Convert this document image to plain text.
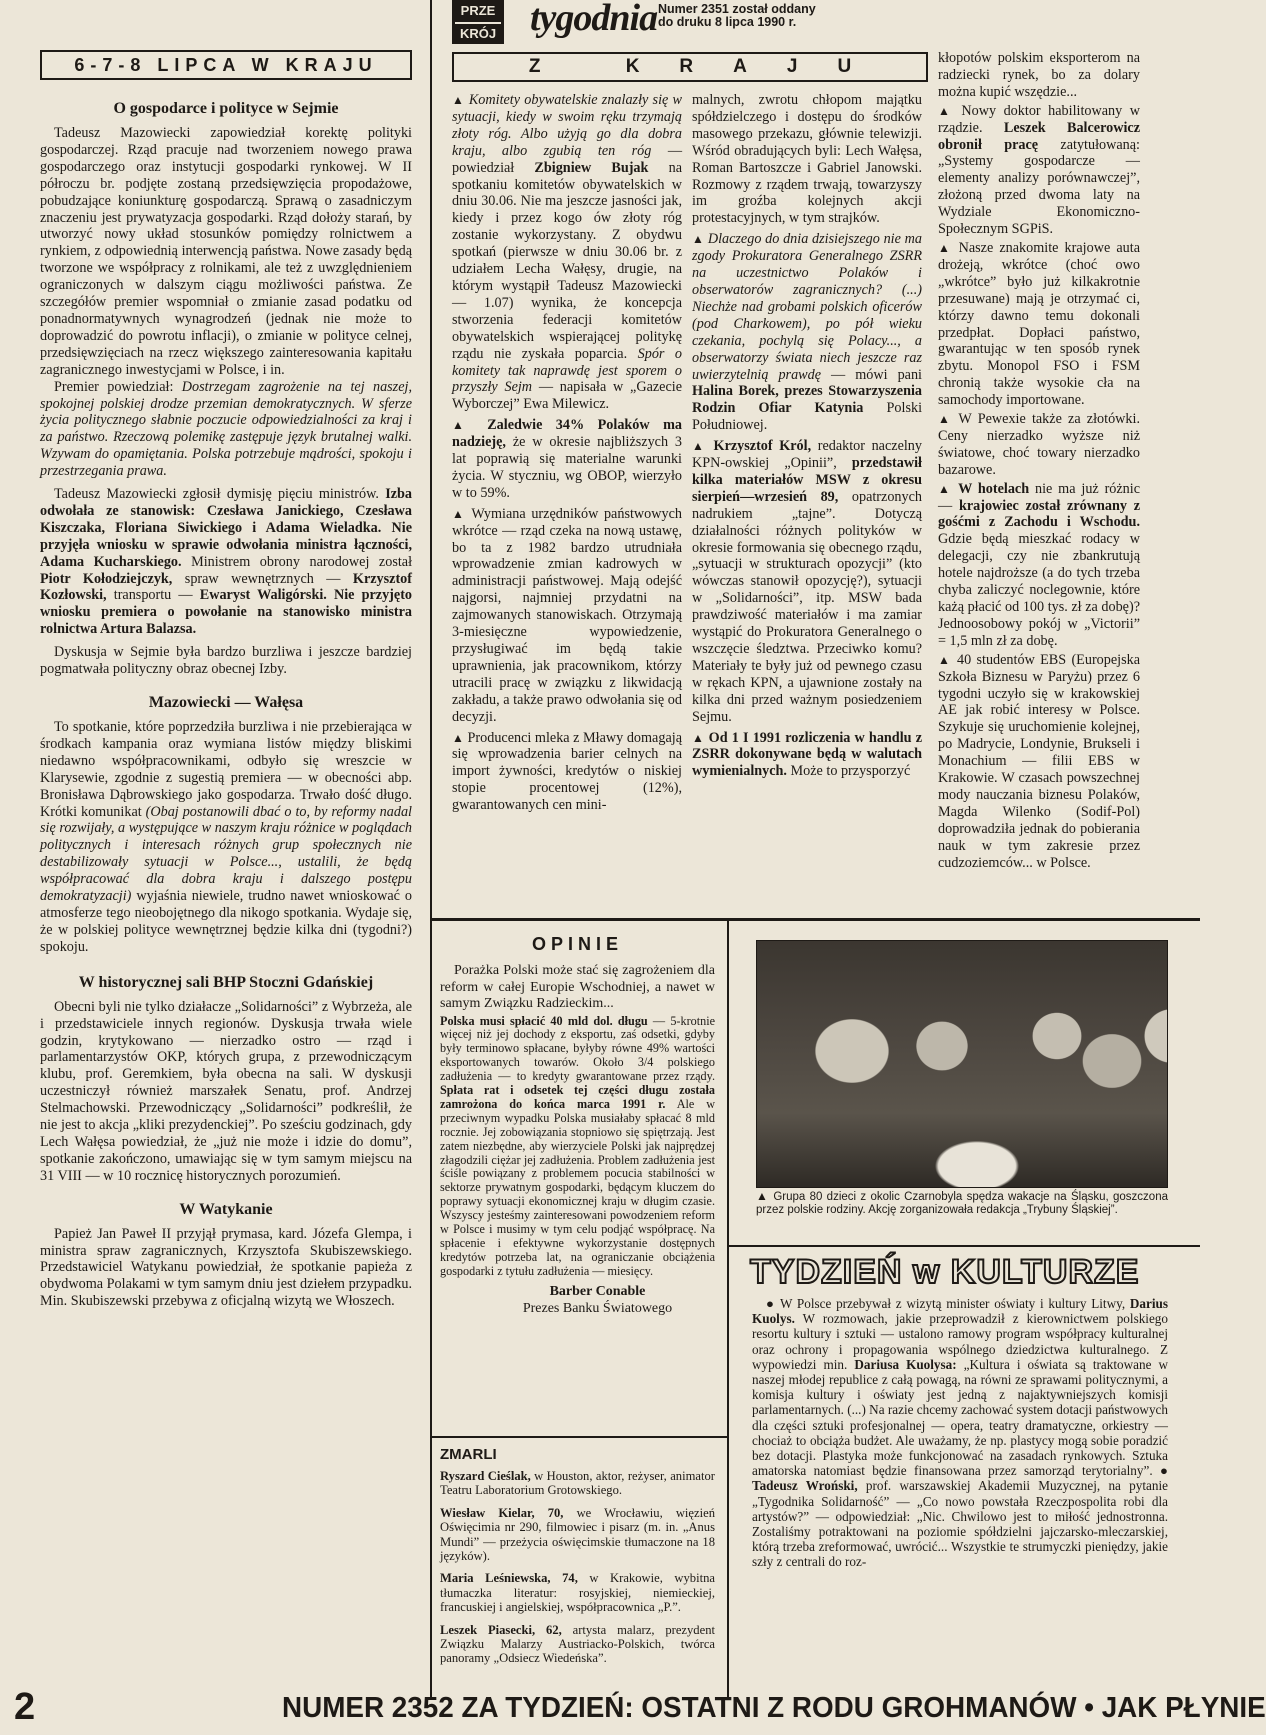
PRZE
KRÓJ tygodnia Numer 2351 został oddany
do druku 8 lipca 1990 r.
6-7-8 LIPCA W KRAJU
O gospodarce i polityce w Sejmie

Tadeusz Mazowiecki zapowiedział korektę polityki gospodarczej. Rząd pracuje nad tworzeniem nowego prawa gospodarczego oraz instytucji gospodarki rynkowej. W II półroczu br. podjęte zostaną przedsięwzięcia propodażowe, pobudzające koniunkturę gospodarczą. Sprawą o zasadniczym znaczeniu jest prywatyzacja gospodarki. Rząd dołoży starań, by utworzyć nowy układ stosunków pomiędzy rolnictwem a rynkiem, z odpowiednią interwencją państwa. Nowe zasady będą tworzone we współpracy z rolnikami, ale też z uwzględnieniem ograniczonych w dalszym ciągu możliwości państwa. Ze szczegółów premier wspomniał o zmianie zasad podatku od ponadnormatywnych wynagrodzeń (jednak nie może to doprowadzić do powrotu inflacji), o zmianie w polityce celnej, przedsięwzięciach na rzecz większego zainteresowania kapitału zagranicznego inwestycjami w Polsce, i in.

Premier powiedział: Dostrzegam zagrożenie na tej naszej, spokojnej polskiej drodze przemian demokratycznych. W sferze życia politycznego słabnie poczucie odpowiedzialności za kraj i za państwo. Rzeczową polemikę zastępuje język brutalnej walki. Wzywam do opamiętania. Polska potrzebuje mądrości, spokoju i przestrzegania prawa.

Tadeusz Mazowiecki zgłosił dymisję pięciu ministrów. Izba odwołała ze stanowisk: Czesława Janickiego, Czesława Kiszczaka, Floriana Siwickiego i Adama Wieladka. Nie przyjęła wniosku w sprawie odwołania ministra łączności, Adama Kucharskiego. Ministrem obrony narodowej został Piotr Kołodziejczyk, spraw wewnętrznych — Krzysztof Kozłowski, transportu — Ewaryst Waligórski. Nie przyjęto wniosku premiera o powołanie na stanowisko ministra rolnictwa Artura Balazsa.

Dyskusja w Sejmie była bardzo burzliwa i jeszcze bardziej pogmatwała polityczny obraz obecnej Izby.

Mazowiecki — Wałęsa

To spotkanie, które poprzedziła burzliwa i nie przebierająca w środkach kampania oraz wymiana listów między bliskimi niedawno współpracownikami, odbyło się wreszcie w Klarysewie, zgodnie z sugestią premiera — w obecności abp. Bronisława Dąbrowskiego jako gospodarza. Trwało dość długo. Krótki komunikat (Obaj postanowili dbać o to, by reformy nadal się rozwijały, a występujące w naszym kraju różnice w poglądach politycznych i interesach różnych grup społecznych nie destabilizowały sytuacji w Polsce..., ustalili, że będą współpracować dla dobra kraju i dalszego postępu demokratyzacji) wyjaśnia niewiele, trudno nawet wnioskować o atmosferze tego nieobojętnego dla nikogo spotkania. Wydaje się, że w polskiej polityce wewnętrznej będzie kilka dni (tygodni?) spokoju.

W historycznej sali BHP Stoczni Gdańskiej

Obecni byli nie tylko działacze „Solidarności” z Wybrzeża, ale i przedstawiciele innych regionów. Dyskusja trwała wiele godzin, krytykowano — nierzadko ostro — rząd i parlamentarzystów OKP, których grupa, z przewodniczącym klubu, prof. Geremkiem, była obecna na sali. W dyskusji uczestniczył również marszałek Senatu, prof. Andrzej Stelmachowski. Przewodniczący „Solidarności” podkreślił, że nie jest to akcja „kliki prezydenckiej”. Po sześciu godzinach, gdy Lech Wałęsa powiedział, że „już nie może i idzie do domu”, spotkanie zakończono, umawiając się w tym samym miejscu na 31 VIII — w 10 rocznicę historycznych porozumień.

W Watykanie

Papież Jan Paweł II przyjął prymasa, kard. Józefa Glempa, i ministra spraw zagranicznych, Krzysztofa Skubiszewskiego. Przedstawiciel Watykanu powiedział, że spotkanie papieża z obydwoma Polakami w tym samym dniu jest dziełem przypadku. Min. Skubiszewski przebywa z oficjalną wizytą we Włoszech.

Z KRAJU

▲ Komitety obywatelskie znalazły się w sytuacji, kiedy w swoim ręku trzymają złoty róg. Albo użyją go dla dobra kraju, albo zgubią ten róg — powiedział Zbigniew Bujak na spotkaniu komitetów obywatelskich w dniu 30.06. Nie ma jeszcze jasności jak, kiedy i przez kogo ów złoty róg zostanie wykorzystany. Z obydwu spotkań (pierwsze w dniu 30.06 br. z udziałem Lecha Wałęsy, drugie, na którym wystąpił Tadeusz Mazowiecki — 1.07) wynika, że koncepcja stworzenia federacji komitetów obywatelskich wspierającej politykę rządu nie zyskała poparcia. Spór o komitety tak naprawdę jest sporem o przyszły Sejm — napisała w „Gazecie Wyborczej” Ewa Milewicz.

▲ Zaledwie 34% Polaków ma nadzieję, że w okresie najbliższych 3 lat poprawią się materialne warunki życia. W styczniu, wg OBOP, wierzyło w to 59%.

▲ Wymiana urzędników państwowych wkrótce — rząd czeka na nową ustawę, bo ta z 1982 bardzo utrudniała wprowadzenie zmian kadrowych w administracji państwowej. Mają odejść najgorsi, najmniej przydatni na zajmowanych stanowiskach. Otrzymają 3-miesięczne wypowiedzenie, przysługiwać im będą takie uprawnienia, jak pracownikom, którzy utracili pracę w związku z likwidacją zakładu, a także prawo odwołania się od decyzji.

▲ Producenci mleka z Mławy domagają się wprowadzenia barier celnych na import żywności, kredytów o niskiej stopie procentowej (12%), gwarantowanych cen mini-

malnych, zwrotu chłopom majątku spółdzielczego i dostępu do środków masowego przekazu, głównie telewizji. Wśród obradujących byli: Lech Wałęsa, Roman Bartoszcze i Gabriel Janowski. Rozmowy z rządem trwają, towarzyszy im groźba kolejnych akcji protestacyjnych, w tym strajków.

▲ Dlaczego do dnia dzisiejszego nie ma zgody Prokuratora Generalnego ZSRR na uczestnictwo Polaków i obserwatorów zagranicznych? (...) Niechże nad grobami polskich oficerów (pod Charkowem), po pół wieku czekania, pochylą się Polacy..., a obserwatorzy świata niech jeszcze raz uwierzytelnią prawdę — mówi pani Halina Borek, prezes Stowarzyszenia Rodzin Ofiar Katynia Polski Południowej.

▲ Krzysztof Król, redaktor naczelny KPN-owskiej „Opinii”, przedstawił kilka materiałów MSW z okresu sierpień—wrzesień 89, opatrzonych nadrukiem „tajne”. Dotyczą działalności różnych polityków w okresie formowania się obecnego rządu, „sytuacji w strukturach opozycji” (kto wówczas stanowił opozycję?), sytuacji w „Solidarności”, itp. MSW bada prawdziwość materiałów i ma zamiar wystąpić do Prokuratora Generalnego o wszczęcie śledztwa. Przeciwko komu? Materiały te były już od pewnego czasu w rękach KPN, a ujawnione zostały na kilka dni przed ważnym posiedzeniem Sejmu.

▲ Od 1 I 1991 rozliczenia w handlu z ZSRR dokonywane będą w walutach wymienialnych. Może to przysporzyć

kłopotów polskim eksporterom na radziecki rynek, bo za dolary można kupić wszędzie...

▲ Nowy doktor habilitowany w rządzie. Leszek Balcerowicz obronił pracę zatytułowaną: „Systemy gospodarcze — elementy analizy porównawczej”, złożoną przed dwoma laty na Wydziale Ekonomiczno-Społecznym SGPiS.

▲ Nasze znakomite krajowe auta drożeją, wkrótce (choć owo „wkrótce” było już kilkakrotnie przesuwane) mają je otrzymać ci, którzy dawno temu dokonali przedpłat. Dopłaci państwo, gwarantując w ten sposób rynek zbytu. Monopol FSO i FSM chronią także wysokie cła na samochody importowane.

▲ W Pewexie także za złotówki. Ceny nierzadko wyższe niż światowe, choć towary nierzadko bazarowe.

▲ W hotelach nie ma już różnic — krajowiec został zrównany z gośćmi z Zachodu i Wschodu. Gdzie będą mieszkać rodacy w delegacji, czy nie zbankrutują hotele najdroższe (a do tych trzeba chyba zaliczyć noclegownie, które każą płacić od 100 tys. zł za dobę)? Jednoosobowy pokój w „Victorii” = 1,5 mln zł za dobę.

▲ 40 studentów EBS (Europejska Szkoła Biznesu w Paryżu) przez 6 tygodni uczyło się w krakowskiej AE jak robić interesy w Polsce. Szykuje się uruchomienie kolejnej, po Madrycie, Londynie, Brukseli i Monachium — filii EBS w Krakowie. W czasach powszechnej mody nauczania biznesu Polaków, Magda Wilenko (Sodif-Pol) doprowadziła jednak do pobierania nauk w tym zakresie przez cudzoziemców... w Polsce.

OPINIE

Porażka Polski może stać się zagrożeniem dla reform w całej Europie Wschodniej, a nawet w samym Związku Radzieckim...

Polska musi spłacić 40 mld dol. długu — 5-krotnie więcej niż jej dochody z eksportu, zaś odsetki, gdyby były terminowo spłacane, byłyby równe 49% wartości eksportowanych towarów. Około 3/4 polskiego zadłużenia — to kredyty gwarantowane przez rządy. Spłata rat i odsetek tej części długu została zamrożona do końca marca 1991 r. Ale w przeciwnym wypadku Polska musiałaby spłacać 8 mld rocznie. Jej zobowiązania stopniowo się spiętrzają. Jest zatem niezbędne, aby wierzyciele Polski jak najprędzej złagodzili ciężar jej zadłużenia. Problem zadłużenia jest ściśle powiązany z problemem pocucia stabilności w sektorze prywatnym gospodarki, będącym kluczem do poprawy sytuacji ekonomicznej kraju w długim czasie. Wszyscy jesteśmy zainteresowani powodzeniem reform w Polsce i musimy w tym celu podjąć współpracę. Na spłacenie i efektywne wykorzystanie dostępnych kredytów potrzeba lat, na ograniczanie obciążenia gospodarki z tytułu zadłużenia — miesięcy.

Barber Conable
Prezes Banku Światowego
ZMARLI

Ryszard Cieślak, w Houston, aktor, reżyser, animator Teatru Laboratorium Grotowskiego.

Wiesław Kielar, 70, we Wrocławiu, więzień Oświęcimia nr 290, filmowiec i pisarz (m. in. „Anus Mundi” — przeżycia oświęcimskie tłumaczone na 18 języków).

Maria Leśniewska, 74, w Krakowie, wybitna tłumaczka literatur: rosyjskiej, niemieckiej, francuskiej i angielskiej, współpracownica „P.”.

Leszek Piasecki, 62, artysta malarz, prezydent Związku Malarzy Austriacko-Polskich, twórca panoramy „Odsiecz Wiedeńska”.

▲ Grupa 80 dzieci z okolic Czarnobyla spędza wakacje na Śląsku, goszczona przez polskie rodziny. Akcję zorganizowała redakcja „Trybuny Śląskiej”.
TYDZIEŃ w KULTURZE

● W Polsce przebywał z wizytą minister oświaty i kultury Litwy, Darius Kuolys. W rozmowach, jakie przeprowadził z kierownictwem polskiego resortu kultury i sztuki — ustalono ramowy program współpracy kulturalnej oraz ochrony i propagowania wspólnego dziedzictwa kulturalnego. Z wypowiedzi min. Dariusa Kuolysa: „Kultura i oświata są traktowane w naszej młodej republice z całą powagą, na równi ze sprawami politycznymi, a komisja kultury i oświaty jest jedną z najaktywniejszych komisji parlamentarnych. (...) Na razie chcemy zachować system dotacji państwowych dla części sztuki profesjonalnej — opera, teatry dramatyczne, orkiestry — chociaż to obciąża budżet. Ale uważamy, że np. plastycy mogą sobie poradzić bez dotacji. Plastyka może funkcjonować na zasadach rynkowych. Sztuka amatorska natomiast będzie finansowana przez samorząd terytorialny”. ● Tadeusz Wroński, prof. warszawskiej Akademii Muzycznej, na pytanie „Tygodnika Solidarność” — „Co nowo powstała Rzeczpospolita robi dla artystów?” — odpowiedział: „Nic. Chwilowo jest to miłość jednostronna. Zostaliśmy potraktowani na poziomie spółdzielni jajczarsko-mleczarskiej, którą trzeba zreformować, uwrócić... Wszystkie te strumyczki pieniędzy, jakie szły z centrali do roz-

2	NUMER 2352 ZA TYDZIEŃ: OSTATNI Z RODU GROHMANÓW • JAK PŁYNIE
